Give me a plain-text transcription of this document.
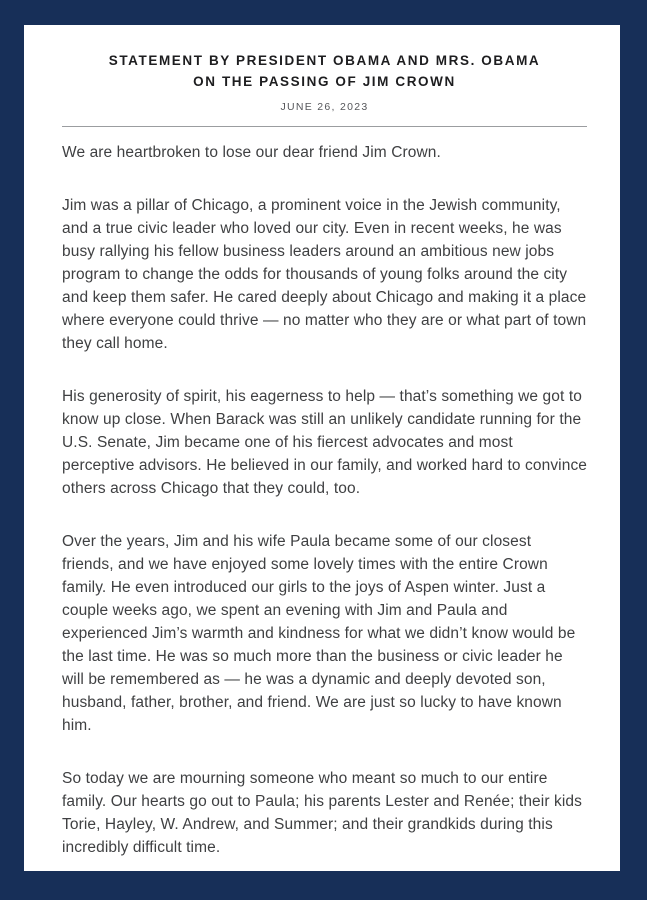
STATEMENT BY PRESIDENT OBAMA AND MRS. OBAMA
ON THE PASSING OF JIM CROWN
JUNE 26, 2023

We are heartbroken to lose our dear friend Jim Crown.

Jim was a pillar of Chicago, a prominent voice in the Jewish community, and a true civic leader who loved our city. Even in recent weeks, he was busy rallying his fellow business leaders around an ambitious new jobs program to change the odds for thousands of young folks around the city and keep them safer. He cared deeply about Chicago and making it a place where everyone could thrive — no matter who they are or what part of town they call home.

His generosity of spirit, his eagerness to help — that’s something we got to know up close. When Barack was still an unlikely candidate running for the U.S. Senate, Jim became one of his fiercest advocates and most perceptive advisors. He believed in our family, and worked hard to convince others across Chicago that they could, too.

Over the years, Jim and his wife Paula became some of our closest friends, and we have enjoyed some lovely times with the entire Crown family. He even introduced our girls to the joys of Aspen winter. Just a couple weeks ago, we spent an evening with Jim and Paula and experienced Jim’s warmth and kindness for what we didn’t know would be the last time. He was so much more than the business or civic leader he will be remembered as — he was a dynamic and deeply devoted son, husband, father, brother, and friend. We are just so lucky to have known him.

So today we are mourning someone who meant so much to our entire family. Our hearts go out to Paula; his parents Lester and Renée; their kids Torie, Hayley, W. Andrew, and Summer; and their grandkids during this incredibly difficult time.
